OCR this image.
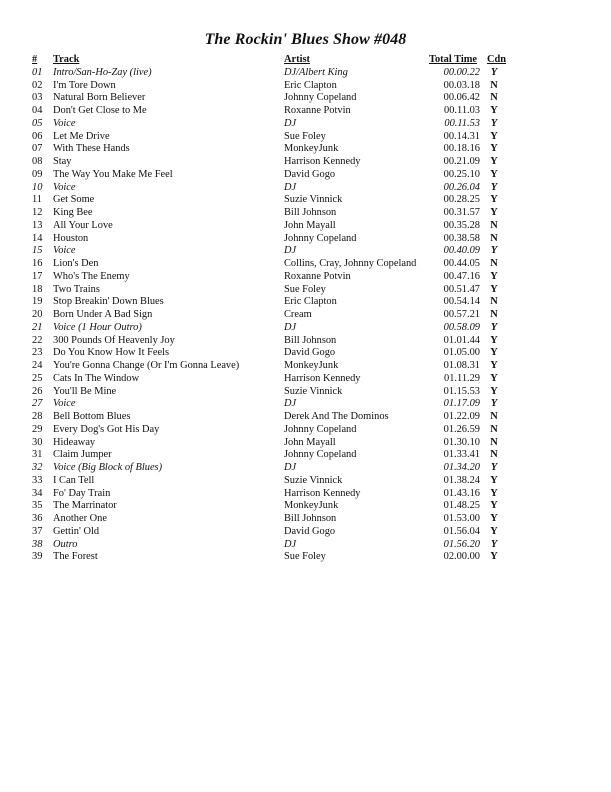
The Rockin' Blues Show #048
# Track	Artist	Total Time Cdn
01 Intro/San-Ho-Zay (live)	DJ/Albert King	00.00.22	Y
02 I'm Tore Down	Eric Clapton	00.03.18 N
03 Natural Born Believer	Johnny Copeland	00.06.42 N
04 Don't Get Close to Me	Roxanne Potvin	00.11.03 Y
05 Voice	DJ	00.11.53	Y
06 Let Me Drive	Sue Foley	00.14.31 Y
07 With These Hands	MonkeyJunk	00.18.16 Y
08 Stay	Harrison Kennedy	00.21.09 Y
09 The Way You Make Me Feel	David Gogo	00.25.10 Y
10 Voice	DJ	00.26.04	Y
11 Get Some	Suzie Vinnick	00.28.25 Y
12 King Bee	Bill Johnson	00.31.57 Y
13 All Your Love	John Mayall	00.35.28 N
14 Houston	Johnny Copeland	00.38.58 N
15 Voice	DJ	00.40.09	Y
16 Lion's Den	Collins, Cray, Johnny Copeland	00.44.05 N
17 Who's The Enemy	Roxanne Potvin	00.47.16 Y
18 Two Trains	Sue Foley	00.51.47 Y
19 Stop Breakin' Down Blues	Eric Clapton	00.54.14 N
20 Born Under A Bad Sign	Cream	00.57.21 N
21 Voice (1 Hour Outro)	DJ	00.58.09	Y
22 300 Pounds Of Heavenly Joy	Bill Johnson	01.01.44 Y
23 Do You Know How It Feels	David Gogo	01.05.00 Y
24 You're Gonna Change (Or I'm Gonna Leave)	MonkeyJunk	01.08.31 Y
25 Cats In The Window	Harrison Kennedy	01.11.29 Y
26 You'll Be Mine	Suzie Vinnick	01.15.53 Y
27 Voice	DJ	01.17.09	Y
28 Bell Bottom Blues	Derek And The Dominos	01.22.09 N
29 Every Dog's Got His Day	Johnny Copeland	01.26.59 N
30 Hideaway	John Mayall	01.30.10 N
31 Claim Jumper	Johnny Copeland	01.33.41 N
32 Voice (Big Block of Blues)	DJ	01.34.20	Y
33 I Can Tell	Suzie Vinnick	01.38.24 Y
34 Fo' Day Train	Harrison Kennedy	01.43.16 Y
35 The Marrinator	MonkeyJunk	01.48.25 Y
36 Another One	Bill Johnson	01.53.00 Y
37 Gettin' Old	David Gogo	01.56.04 Y
38 Outro	DJ	01.56.20	Y
39 The Forest	Sue Foley	02.00.00 Y
